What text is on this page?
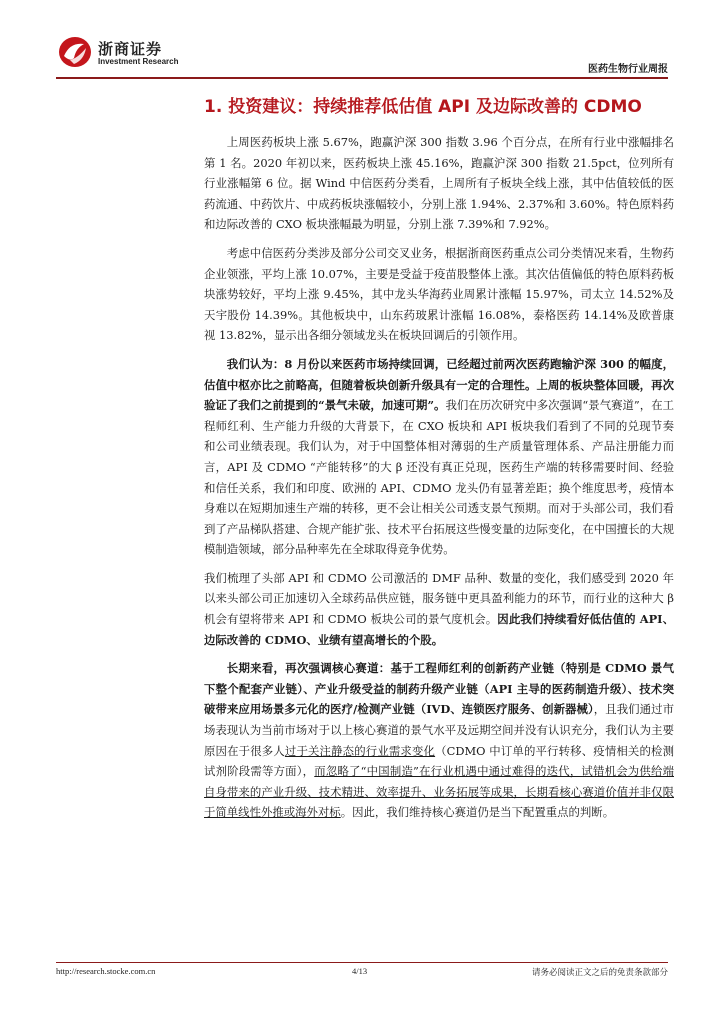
浙商证券
Investment Research
医药生物行业周报
1. 投资建议：持续推荐低估值 API 及边际改善的 CDMO

上周医药板块上涨 5.67%，跑赢沪深 300 指数 3.96 个百分点，在所有行业中涨幅排名第 1 名。2020 年初以来，医药板块上涨 45.16%，跑赢沪深 300 指数 21.5pct，位列所有行业涨幅第 6 位。据 Wind 中信医药分类看，上周所有子板块全线上涨，其中估值较低的医药流通、中药饮片、中成药板块涨幅较小，分别上涨 1.94%、2.37%和 3.60%。特色原料药和边际改善的 CXO 板块涨幅最为明显，分别上涨 7.39%和 7.92%。

考虑中信医药分类涉及部分公司交叉业务，根据浙商医药重点公司分类情况来看，生物药企业领涨，平均上涨 10.07%，主要是受益于疫苗股整体上涨。其次估值偏低的特色原料药板块涨势较好，平均上涨 9.45%，其中龙头华海药业周累计涨幅 15.97%，司太立 14.52%及天宇股份 14.39%。其他板块中，山东药玻累计涨幅 16.08%，泰格医药 14.14%及欧普康视 13.82%，显示出各细分领域龙头在板块回调后的引领作用。

我们认为：8 月份以来医药市场持续回调，已经超过前两次医药跑输沪深 300 的幅度，估值中枢亦比之前略高，但随着板块创新升级具有一定的合理性。上周的板块整体回暖，再次验证了我们之前提到的“景气未破，加速可期”。我们在历次研究中多次强调“景气赛道”，在工程师红利、生产能力升级的大背景下，在 CXO 板块和 API 板块我们看到了不同的兑现节奏和公司业绩表现。我们认为，对于中国整体相对薄弱的生产质量管理体系、产品注册能力而言，API 及 CDMO “产能转移”的大 β 还没有真正兑现，医药生产端的转移需要时间、经验和信任关系，我们和印度、欧洲的 API、CDMO 龙头仍有显著差距；换个维度思考，疫情本身难以在短期加速生产端的转移，更不会让相关公司透支景气预期。而对于头部公司，我们看到了产品梯队搭建、合规产能扩张、技术平台拓展这些慢变量的边际变化，在中国擅长的大规模制造领域，部分品种率先在全球取得竞争优势。

我们梳理了头部 API 和 CDMO 公司激活的 DMF 品种、数量的变化，我们感受到 2020 年以来头部公司正加速切入全球药品供应链，服务链中更具盈利能力的环节，而行业的这种大 β 机会有望将带来 API 和 CDMO 板块公司的景气度机会。因此我们持续看好低估值的 API、边际改善的 CDMO、业绩有望高增长的个股。

长期来看，再次强调核心赛道：基于工程师红利的创新药产业链（特别是 CDMO 景气下整个配套产业链）、产业升级受益的制药升级产业链（API 主导的医药制造升级）、技术突破带来应用场景多元化的医疗/检测产业链（IVD、连锁医疗服务、创新器械），且我们通过市场表现认为当前市场对于以上核心赛道的景气水平及远期空间并没有认识充分，我们认为主要原因在于很多人过于关注静态的行业需求变化（CDMO 中订单的平行转移、疫情相关的检测试剂阶段需等方面），而忽略了“中国制造”在行业机遇中通过难得的迭代，试错机会为供给端自身带来的产业升级、技术精进、效率提升、业务拓展等成果，长期看核心赛道价值并非仅限于简单线性外推或海外对标。因此，我们维持核心赛道仍是当下配置重点的判断。

http://research.stocke.com.cn	4/13	请务必阅读正文之后的免责条款部分
